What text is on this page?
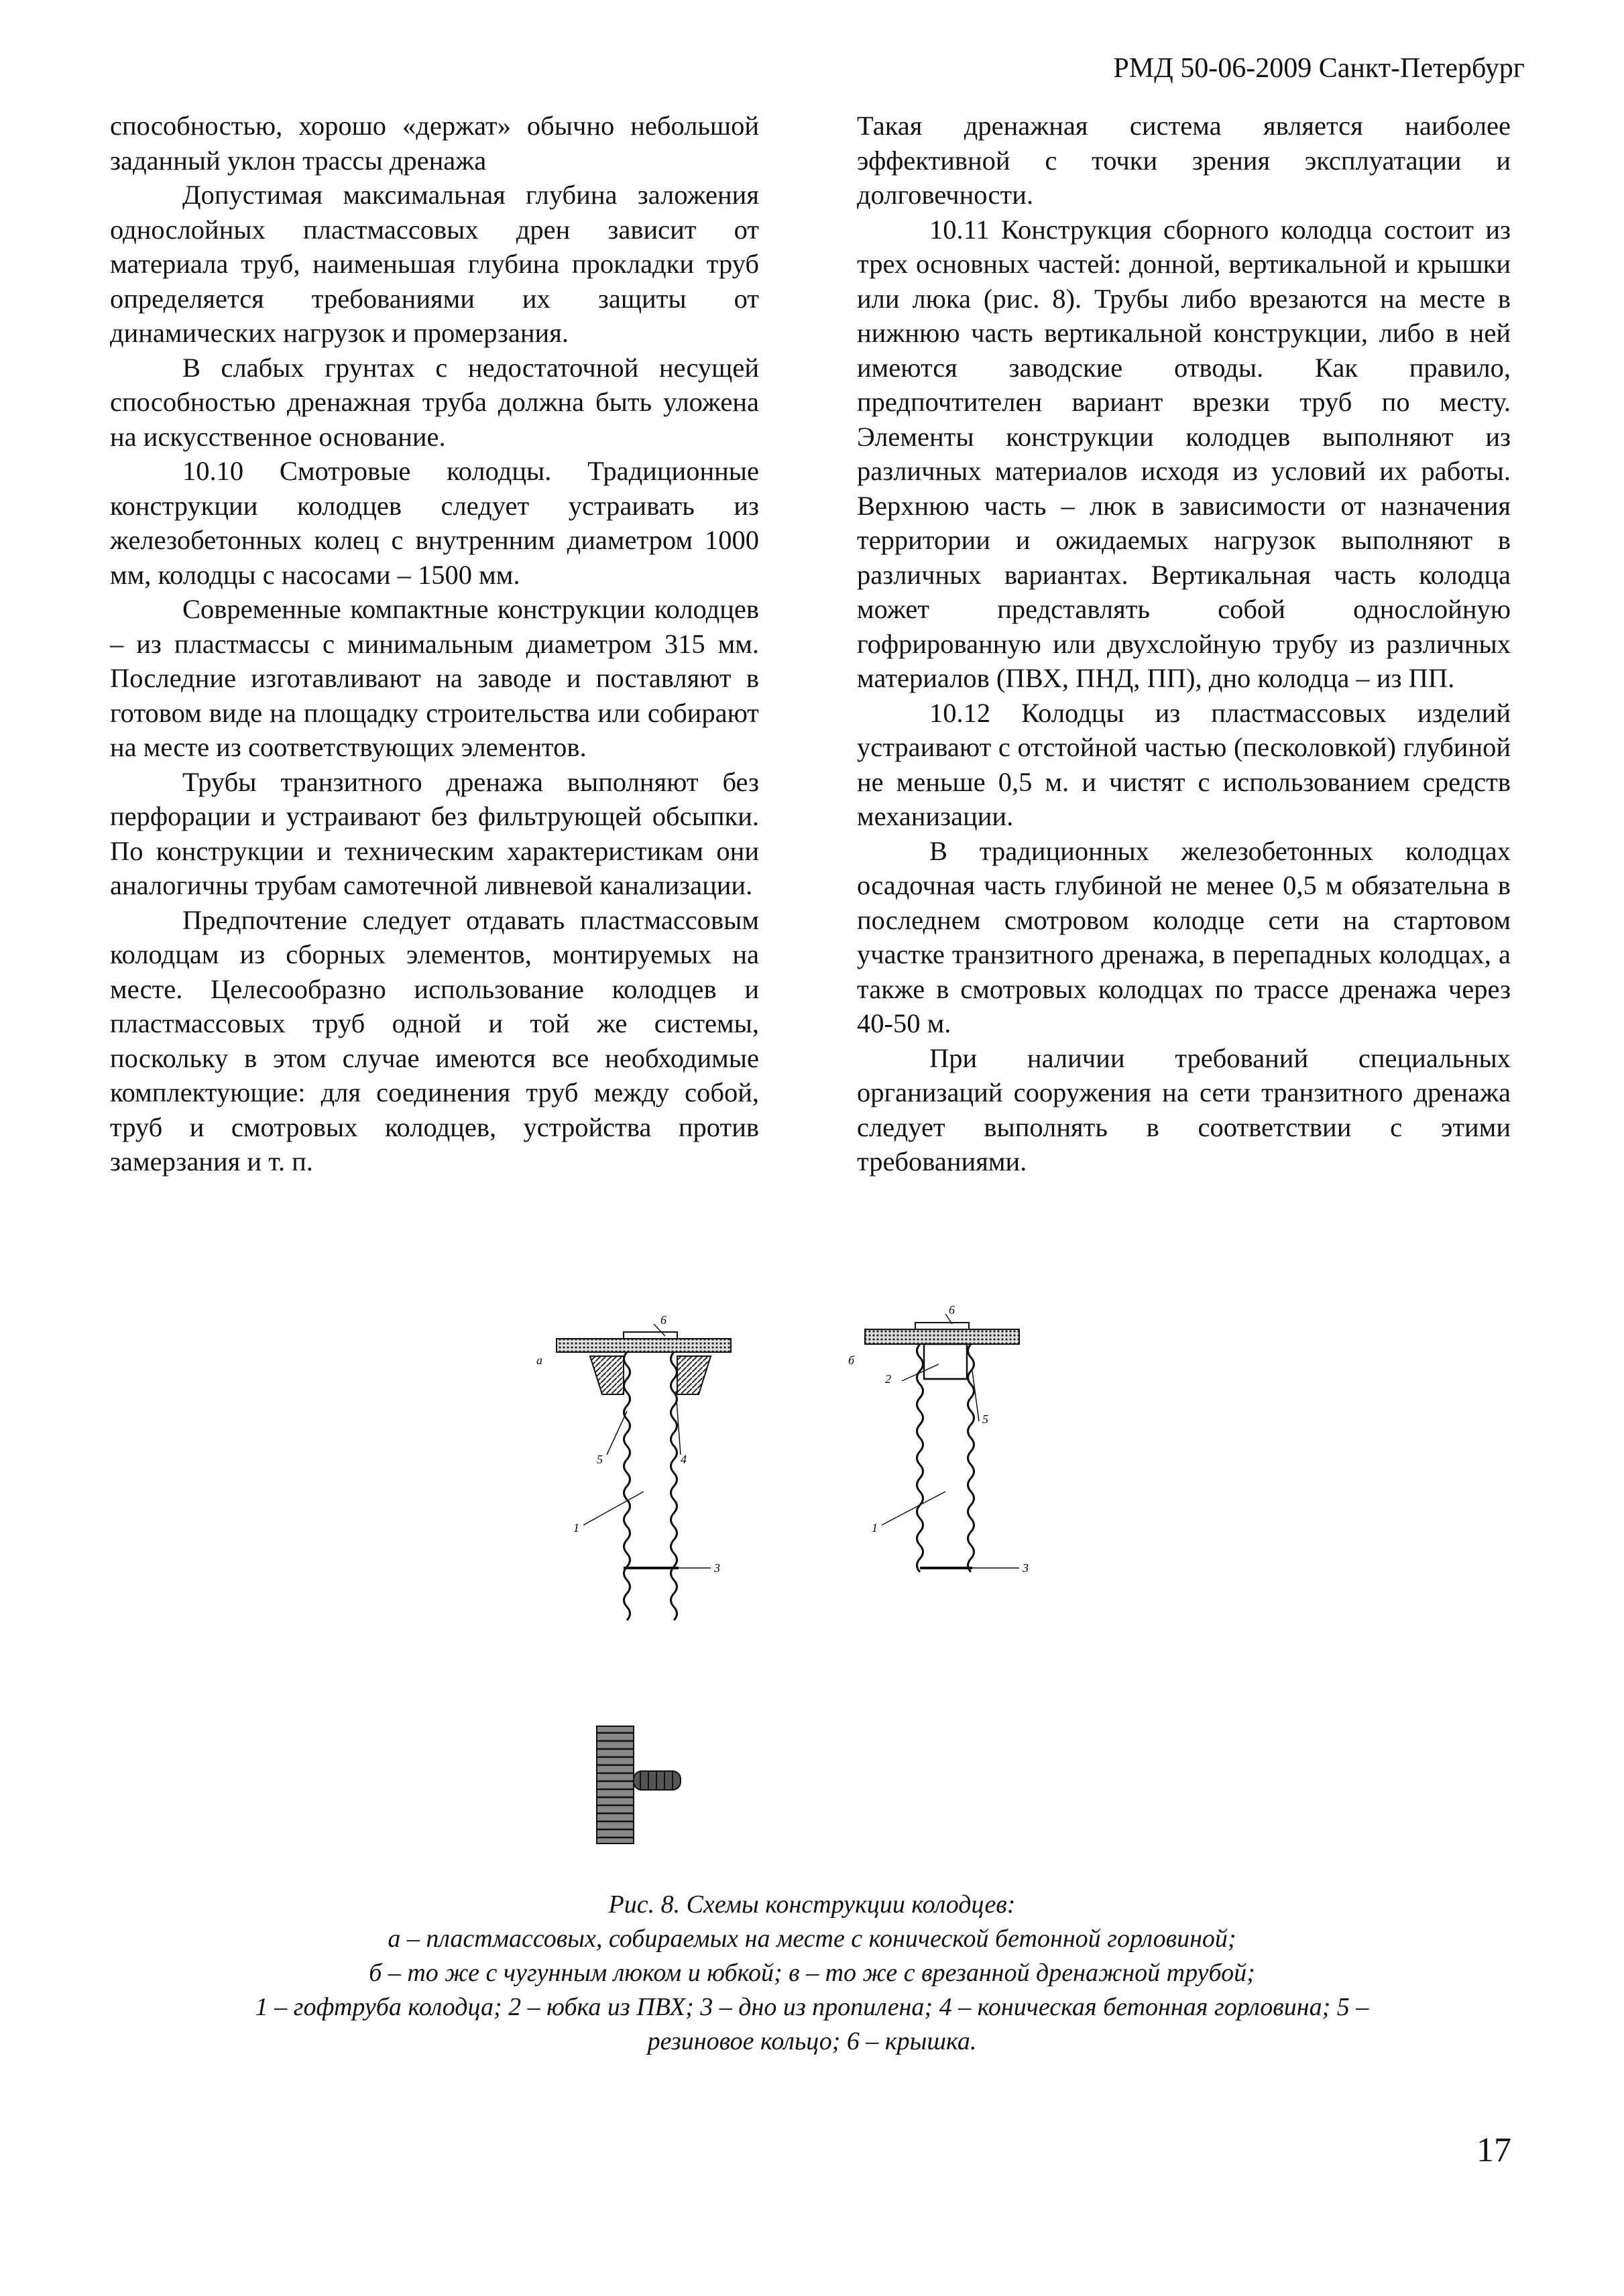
РМД 50-06-2009 Санкт-Петербург

способностью, хорошо «держат» обычно небольшой заданный уклон трассы дренажа

Допустимая максимальная глубина заложения однослойных пластмассовых дрен зависит от материала труб, наименьшая глубина прокладки труб определяется требованиями их защиты от динамических нагрузок и промерзания.

В слабых грунтах с недостаточной несущей способностью дренажная труба должна быть уложена на искусственное основание.

10.10 Смотровые колодцы. Традиционные конструкции колодцев следует устраивать из железобетонных колец с внутренним диаметром 1000 мм, колодцы с насосами – 1500 мм.

Современные компактные конструкции колодцев – из пластмассы с минимальным диаметром 315 мм. Последние изготавливают на заводе и поставляют в готовом виде на площадку строительства или собирают на месте из соответствующих элементов.

Трубы транзитного дренажа выполняют без перфорации и устраивают без фильтрующей обсыпки. По конструкции и техническим характеристикам они аналогичны трубам самотечной ливневой канализации.

Предпочтение следует отдавать пластмассовым колодцам из сборных элементов, монтируемых на месте. Целесообразно использование колодцев и пластмассовых труб одной и той же системы, поскольку в этом случае имеются все необходимые комплектующие: для соединения труб между собой, труб и смотровых колодцев, устройства против замерзания и т. п.

Такая дренажная система является наиболее эффективной с точки зрения эксплуатации и долговечности.

10.11 Конструкция сборного колодца состоит из трех основных частей: донной, вертикальной и крышки или люка (рис. 8). Трубы либо врезаются на месте в нижнюю часть вертикальной конструкции, либо в ней имеются заводские отводы. Как правило, предпочтителен вариант врезки труб по месту. Элементы конструкции колодцев выполняют из различных материалов исходя из условий их работы. Верхнюю часть – люк в зависимости от назначения территории и ожидаемых нагрузок выполняют в различных вариантах. Вертикальная часть колодца может представлять собой однослойную гофрированную или двухслойную трубу из различных материалов (ПВХ, ПНД, ПП), дно колодца – из ПП.

10.12 Колодцы из пластмассовых изделий устраивают с отстойной частью (песколовкой) глубиной не меньше 0,5 м. и чистят с использованием средств механизации.

В традиционных железобетонных колодцах осадочная часть глубиной не менее 0,5 м обязательна в последнем смотровом колодце сети на стартовом участке транзитного дренажа, в перепадных колодцах, а также в смотровых колодцах по трассе дренажа через 40-50 м.

При наличии требований специальных организаций сооружения на сети транзитного дренажа следует выполнять в соответствии с этими требованиями.

а
5	4
1
3
6
б
2
5
1
3
6
Рис. 8. Схемы конструкции колодцев:
а – пластмассовых, собираемых на месте с конической бетонной горловиной;
б – то же с чугунным люком и юбкой; в – то же с врезанной дренажной трубой;
1 – гофтруба колодца; 2 – юбка из ПВХ; 3 – дно из пропилена; 4 – коническая бетонная горловина; 5 –
резиновое кольцо; 6 – крышка.
17
